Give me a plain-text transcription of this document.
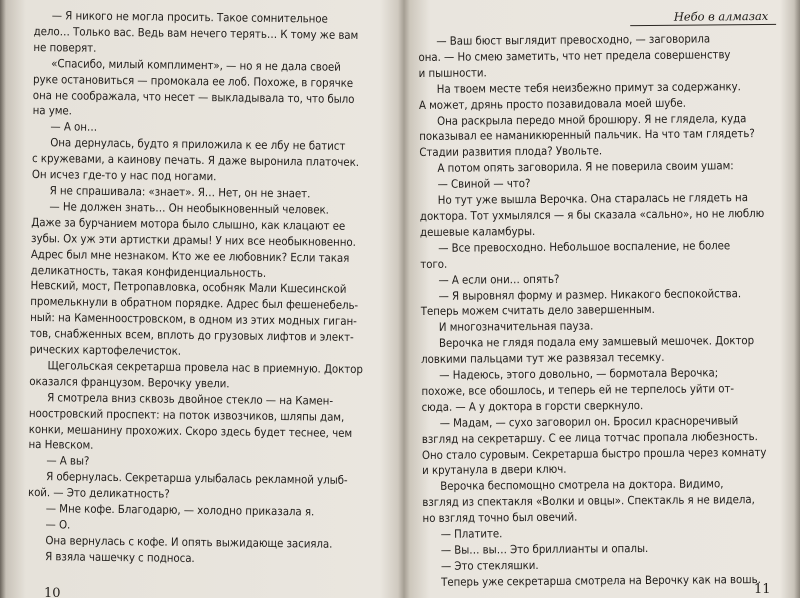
— Я никого не могла просить. Такое сомнительное

дело… Только вас. Ведь вам нечего терять… К тому же вам

не поверят.

«Спасибо, милый комплимент», — но я не дала своей

руке остановиться — промокала ее лоб. Похоже, в горячке

она не соображала, что несет — выкладывала то, что было

на уме.

— А он…

Она дернулась, будто я приложила к ее лбу не батист

с кружевами, а каинову печать. Я даже выронила платочек.

Он исчез где-то у нас под ногами.

Я не спрашивала: «знает». Я… Нет, он не знает.

— Не должен знать… Он необыкновенный человек.

Даже за бурчанием мотора было слышно, как клацают ее

зубы. Ох уж эти артистки драмы! У них все необыкновенно.

Адрес был мне незнаком. Кто же ее любовник? Если такая

деликатность, такая конфиденциальность.

Невский, мост, Петропавловка, особняк Мали Кшесинской

промелькнули в обратном порядке. Адрес был фешенебель-

ный: на Каменноостровском, в одном из этих модных гиган-

тов, снабженных всем, вплоть до грузовых лифтов и элект-

рических картофелечисток.

Щегольская секретарша провела нас в приемную. Доктор

оказался французом. Верочку увели.

Я смотрела вниз сквозь двойное стекло — на Камен-

ноостровский проспект: на поток извозчиков, шляпы дам,

конки, мешанину прохожих. Скоро здесь будет теснее, чем

на Невском.

— А вы?

Я обернулась. Секретарша улыбалась рекламной улыб-

кой. — Это деликатность?

— Мне кофе. Благодарю, — холодно приказала я.

— О.

Она вернулась с кофе. И опять выжидающе засияла.

Я взяла чашечку с подноса.

Небо в алмазах

— Ваш бюст выглядит превосходно, — заговорила

она. — Но смею заметить, что нет предела совершенству

и пышности.

На твоем месте тебя неизбежно примут за содержанку.

А может, дрянь просто позавидовала моей шубе.

Она раскрыла передо мной брошюру. Я не глядела, куда

показывал ее наманикюренный пальчик. На что там глядеть?

Стадии развития плода? Увольте.

А потом опять заговорила. Я не поверила своим ушам:

— Свиной — что?

Но тут уже вышла Верочка. Она старалась не глядеть на

доктора. Тот ухмылялся — я бы сказала «сально», но не люблю

дешевые каламбуры.

— Все превосходно. Небольшое воспаление, не более

того.

— А если они… опять?

— Я выровнял форму и размер. Никакого беспокойства.

Теперь можем считать дело завершенным.

И многозначительная пауза.

Верочка не глядя подала ему замшевый мешочек. Доктор

ловкими пальцами тут же развязал тесемку.

— Надеюсь, этого довольно, — бормотала Верочка;

похоже, все обошлось, и теперь ей не терпелось уйти от-

сюда. — А у доктора в горсти сверкнуло.

— Мадам, — сухо заговорил он. Бросил красноречивый

взгляд на секретаршу. С ее лица тотчас пропала любезность.

Оно стало суровым. Секретарша быстро прошла через комнату

и крутанула в двери ключ.

Верочка беспомощно смотрела на доктора. Видимо,

взгляд из спектакля «Волки и овцы». Спектакль я не видела,

но взгляд точно был овечий.

— Платите.

— Вы… вы… Это бриллианты и опалы.

— Это стекляшки.

Теперь уже секретарша смотрела на Верочку как на вошь.

10	11
